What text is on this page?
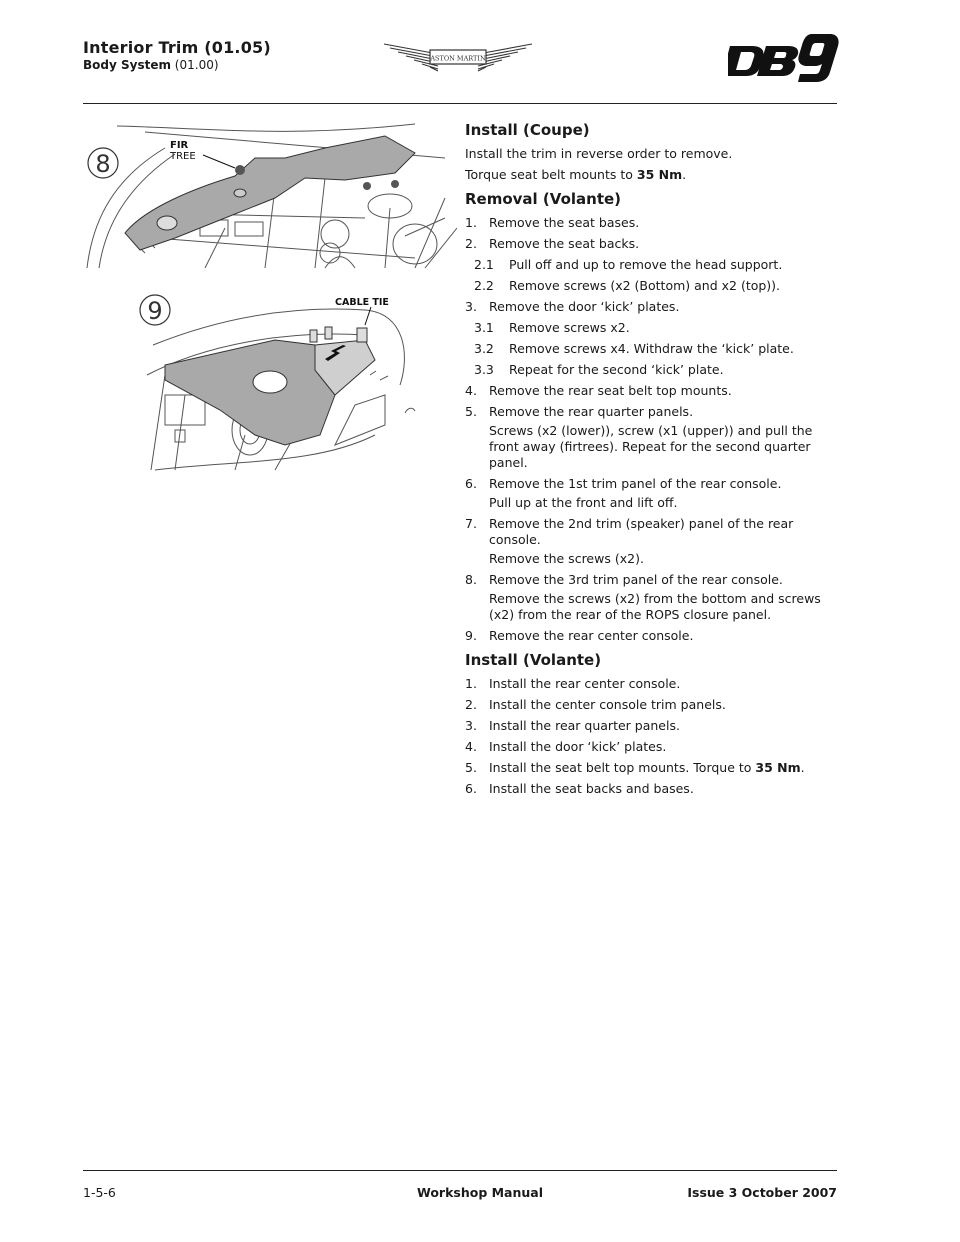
Interior Trim (01.05)
Body System (01.00)	ASTON MARTIN
8
FIR
TREE
9	CABLE TIE
Install (Coupe)

Install the trim in reverse order to remove.

Torque seat belt mounts to 35 Nm.

Removal (Volante)
1. Remove the seat bases.
2. Remove the seat backs.
2.1	Pull off and up to remove the head support.
2.2	Remove screws (x2 (Bottom) and x2 (top)).
3. Remove the door ‘kick’ plates.
3.1	Remove screws x2.
3.2	Remove screws x4. Withdraw the ‘kick’ plate.
3.3	Repeat for the second ‘kick’ plate.
4. Remove the rear seat belt top mounts.
5. Remove the rear quarter panels.
Screws (x2 (lower)), screw (x1 (upper)) and pull the front away (firtrees). Repeat for the second quarter panel.
6. Remove the 1st trim panel of the rear console.
Pull up at the front and lift off.
7. Remove the 2nd trim (speaker) panel of the rear console.
Remove the screws (x2).
8. Remove the 3rd trim panel of the rear console.
Remove the screws (x2) from the bottom and screws (x2) from the rear of the ROPS closure panel.
9. Remove the rear center console.
Install (Volante)
1. Install the rear center console.
2. Install the center console trim panels.
3. Install the rear quarter panels.
4. Install the door ‘kick’ plates.
5. Install the seat belt top mounts. Torque to 35 Nm.
6. Install the seat backs and bases.
1-5-6	Workshop Manual	Issue 3 October 2007
